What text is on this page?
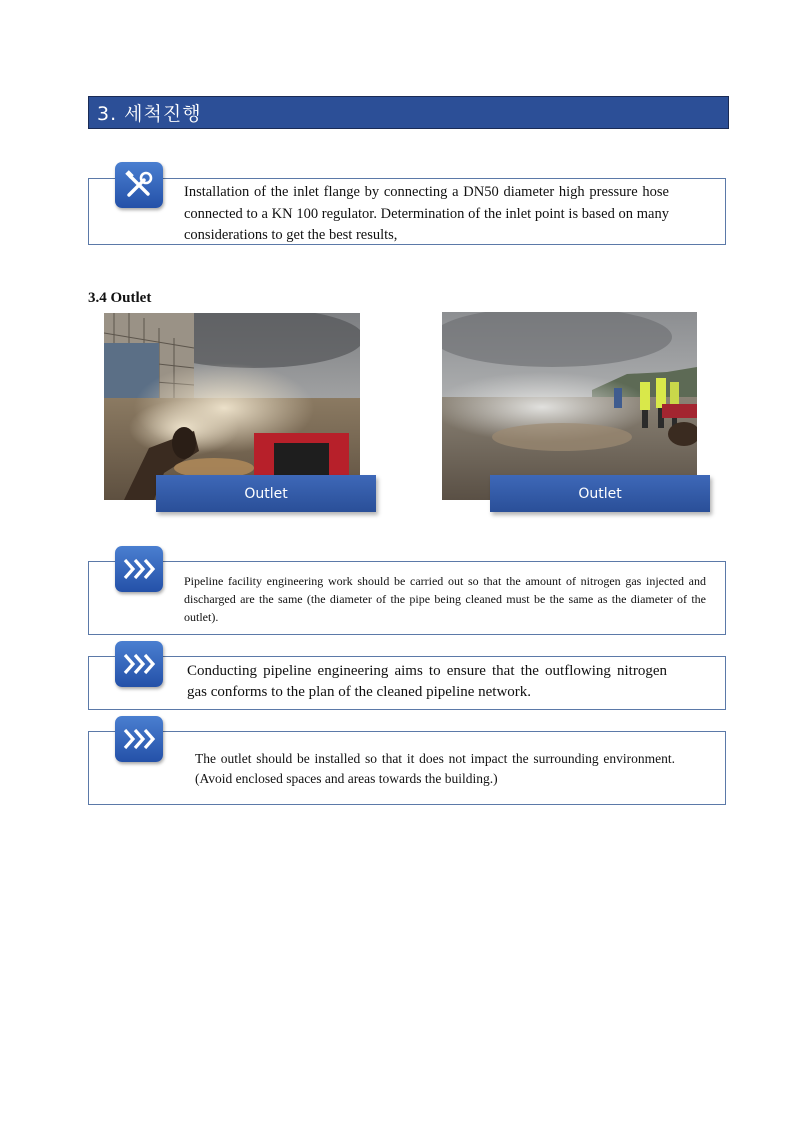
3. 세척진행
Installation of the inlet flange by connecting a DN50 diameter high pressure hose connected to a KN 100 regulator. Determination of the inlet point is based on many considerations to get the best results,
3.4 Outlet
Outlet	Outlet
Pipeline facility engineering work should be carried out so that the amount of nitrogen gas injected and discharged are the same (the diameter of the pipe being cleaned must be the same as the diameter of the outlet).
Conducting pipeline engineering aims to ensure that the outflowing nitrogen gas conforms to the plan of the cleaned pipeline network.
The outlet should be installed so that it does not impact the surrounding environment. (Avoid enclosed spaces and areas towards the building.)
